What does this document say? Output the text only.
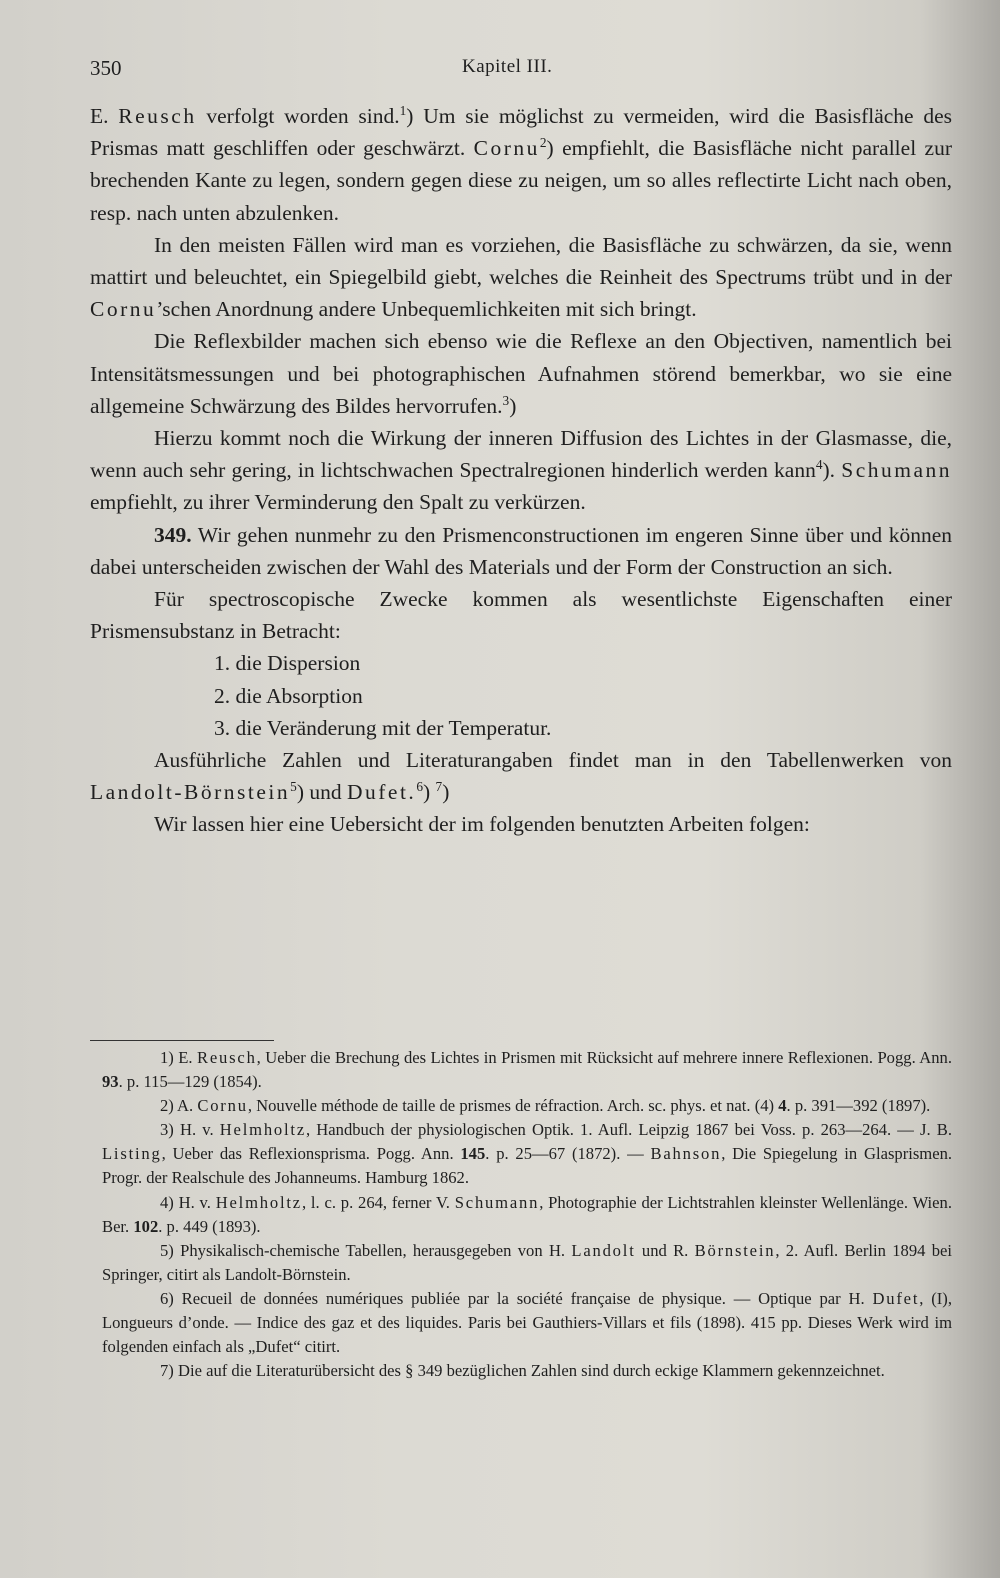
350	Kapitel III.

E. Reusch verfolgt worden sind.$^1$) Um sie möglichst zu vermeiden, wird die Basisfläche des Prismas matt geschliffen oder geschwärzt. Cornu$^2$) empfiehlt, die Basisfläche nicht parallel zur brechenden Kante zu legen, sondern gegen diese zu neigen, um so alles reflectirte Licht nach oben, resp. nach unten abzulenken.

In den meisten Fällen wird man es vorziehen, die Basisfläche zu schwärzen, da sie, wenn mattirt und beleuchtet, ein Spiegelbild giebt, welches die Reinheit des Spectrums trübt und in der Cornu’schen Anordnung andere Unbequemlichkeiten mit sich bringt.

Die Reflexbilder machen sich ebenso wie die Reflexe an den Objectiven, namentlich bei Intensitätsmessungen und bei photographischen Aufnahmen störend bemerkbar, wo sie eine allgemeine Schwärzung des Bildes hervorrufen.$^3$)

Hierzu kommt noch die Wirkung der inneren Diffusion des Lichtes in der Glasmasse, die, wenn auch sehr gering, in lichtschwachen Spectralregionen hinderlich werden kann$^4$). Schumann empfiehlt, zu ihrer Verminderung den Spalt zu verkürzen.

349. Wir gehen nunmehr zu den Prismenconstructionen im engeren Sinne über und können dabei unterscheiden zwischen der Wahl des Materials und der Form der Construction an sich.

Für spectroscopische Zwecke kommen als wesentlichste Eigenschaften einer Prismensubstanz in Betracht:

1. die Dispersion
2. die Absorption
3. die Veränderung mit der Temperatur.

Ausführliche Zahlen und Literaturangaben findet man in den Tabellenwerken von Landolt-Börnstein$^5$) und Dufet.$^6$) $^7$)

Wir lassen hier eine Uebersicht der im folgenden benutzten Arbeiten folgen:

1) E. Reusch, Ueber die Brechung des Lichtes in Prismen mit Rücksicht auf mehrere innere Reflexionen. Pogg. Ann. 93. p. 115—129 (1854).

2) A. Cornu, Nouvelle méthode de taille de prismes de réfraction. Arch. sc. phys. et nat. (4) 4. p. 391—392 (1897).

3) H. v. Helmholtz, Handbuch der physiologischen Optik. 1. Aufl. Leipzig 1867 bei Voss. p. 263—264. — J. B. Listing, Ueber das Reflexionsprisma. Pogg. Ann. 145. p. 25—67 (1872). — Bahnson, Die Spiegelung in Glasprismen. Progr. der Realschule des Johanneums. Hamburg 1862.

4) H. v. Helmholtz, l. c. p. 264, ferner V. Schumann, Photographie der Lichtstrahlen kleinster Wellenlänge. Wien. Ber. 102. p. 449 (1893).

5) Physikalisch-chemische Tabellen, herausgegeben von H. Landolt und R. Börnstein, 2. Aufl. Berlin 1894 bei Springer, citirt als Landolt-Börnstein.

6) Recueil de données numériques publiée par la société française de physique. — Optique par H. Dufet, (I), Longueurs d’onde. — Indice des gaz et des liquides. Paris bei Gauthiers-Villars et fils (1898). 415 pp. Dieses Werk wird im folgenden einfach als „Dufet“ citirt.

7) Die auf die Literaturübersicht des § 349 bezüglichen Zahlen sind durch eckige Klammern gekennzeichnet.
